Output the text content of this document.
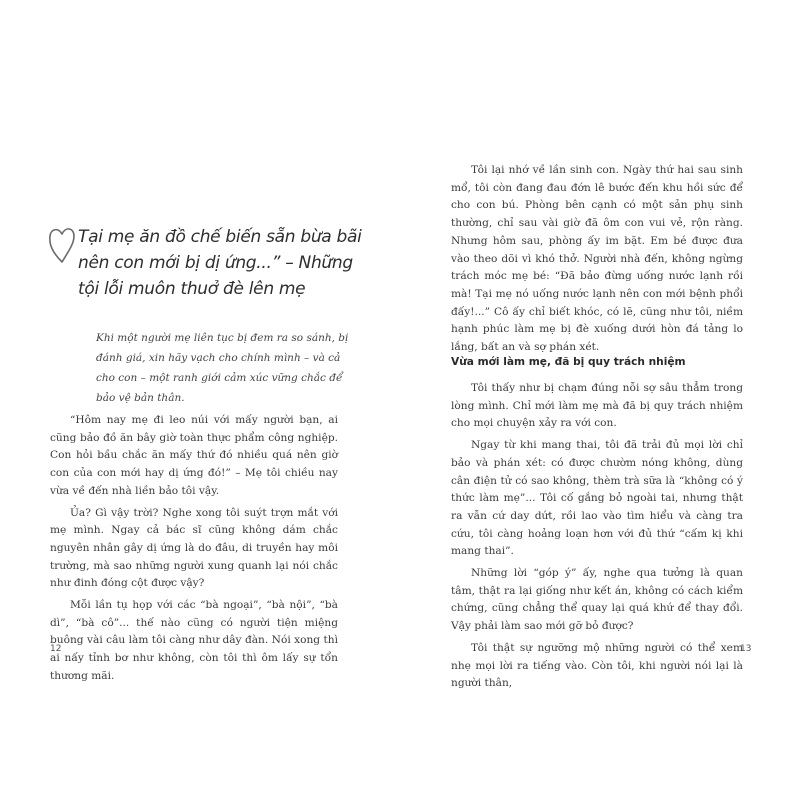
Tại mẹ ăn đồ chế biến sẵn bừa bãi nên con mới bị dị ứng...” – Những tội lỗi muôn thuở đè lên mẹ

Khi một người mẹ liên tục bị đem ra so sánh, bị đánh giá, xin hãy vạch cho chính mình – và cả cho con – một ranh giới cảm xúc vững chắc để bảo vệ bản thân.

“Hôm nay mẹ đi leo núi với mấy người bạn, ai cũng bảo đồ ăn bây giờ toàn thực phẩm công nghiệp. Con hỏi bầu chắc ăn mấy thứ đó nhiều quá nên giờ con của con mới hay dị ứng đó!” – Mẹ tôi chiều nay vừa về đến nhà liền bảo tôi vậy.

Ủa? Gì vậy trời? Nghe xong tôi suýt trợn mắt với mẹ mình. Ngay cả bác sĩ cũng không dám chắc nguyên nhân gây dị ứng là do đâu, di truyền hay môi trường, mà sao những người xung quanh lại nói chắc như đinh đóng cột được vậy?

Mỗi lần tụ họp với các “bà ngoại”, “bà nội”, “bà dì”, “bà cô”... thế nào cũng có người tiện miệng buông vài câu làm tôi càng như dây đàn. Nói xong thì ai nấy tỉnh bơ như không, còn tôi thì ôm lấy sự tổn thương mãi.

12

Tôi lại nhớ về lần sinh con. Ngày thứ hai sau sinh mổ, tôi còn đang đau đớn lê bước đến khu hồi sức để cho con bú. Phòng bên cạnh có một sản phụ sinh thường, chỉ sau vài giờ đã ôm con vui vẻ, rộn ràng. Nhưng hôm sau, phòng ấy im bặt. Em bé được đưa vào theo dõi vì khó thở. Người nhà đến, không ngừng trách móc mẹ bé: “Đã bảo đừng uống nước lạnh rồi mà! Tại mẹ nó uống nước lạnh nên con mới bệnh phổi đấy!...” Cô ấy chỉ biết khóc, có lẽ, cũng như tôi, niềm hạnh phúc làm mẹ bị đè xuống dưới hòn đá tảng lo lắng, bất an và sợ phán xét.

Vừa mới làm mẹ, đã bị quy trách nhiệm

Tôi thấy như bị chạm đúng nỗi sợ sâu thẳm trong lòng mình. Chỉ mới làm mẹ mà đã bị quy trách nhiệm cho mọi chuyện xảy ra với con.

Ngay từ khi mang thai, tôi đã trải đủ mọi lời chỉ bảo và phán xét: có được chườm nóng không, dùng cân điện tử có sao không, thèm trà sữa là “không có ý thức làm mẹ”... Tôi cố gắng bỏ ngoài tai, nhưng thật ra vẫn cứ day dứt, rồi lao vào tìm hiểu và càng tra cứu, tôi càng hoảng loạn hơn với đủ thứ “cấm kị khi mang thai”.

Những lời “góp ý” ấy, nghe qua tưởng là quan tâm, thật ra lại giống như kết án, không có cách kiểm chứng, cũng chẳng thể quay lại quá khứ để thay đổi. Vậy phải làm sao mới gỡ bỏ được?

Tôi thật sự ngưỡng mộ những người có thể xem nhẹ mọi lời ra tiếng vào. Còn tôi, khi người nói lại là người thân,

13
